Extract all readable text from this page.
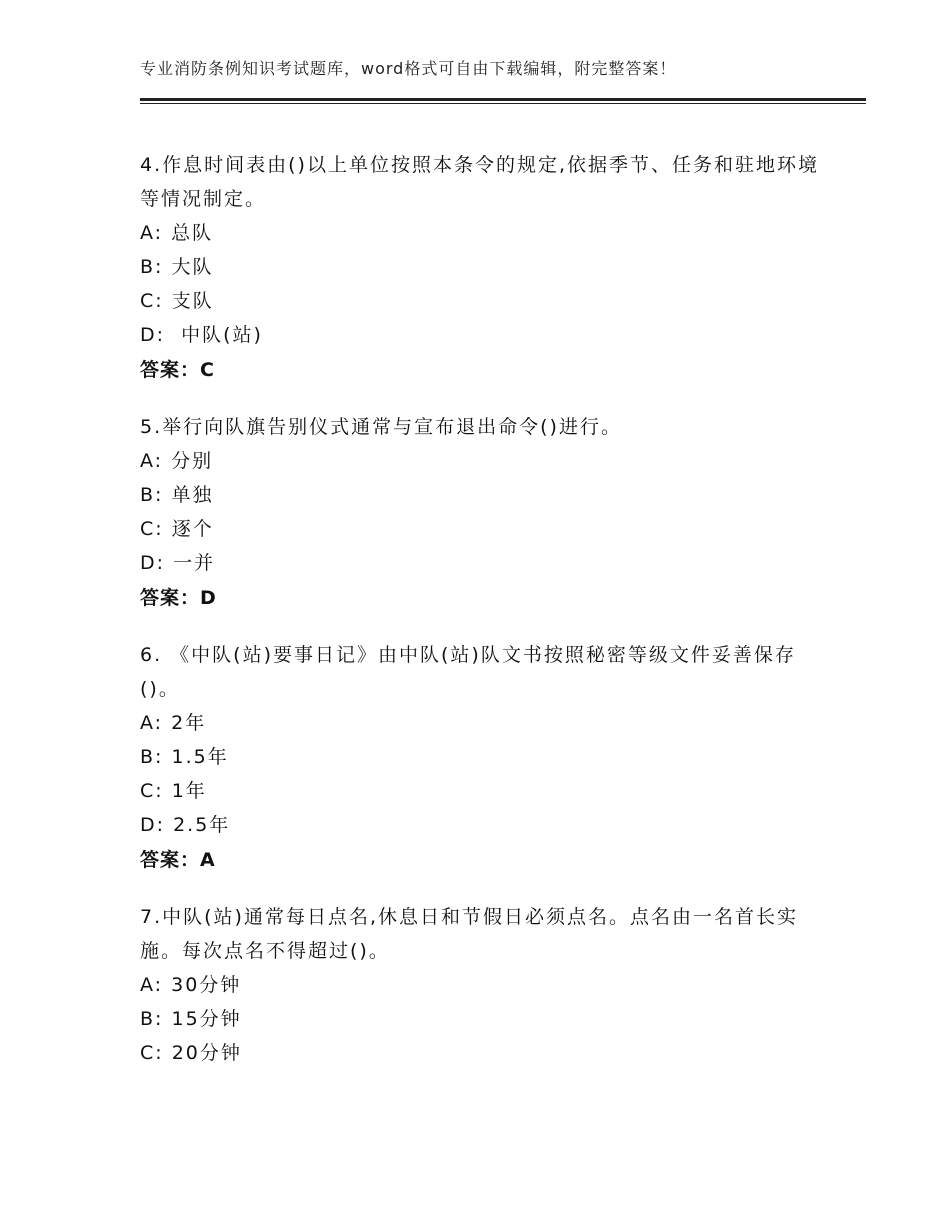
专业消防条例知识考试题库，word格式可自由下载编辑，附完整答案！

4.作息时间表由()以上单位按照本条令的规定,依据季节、任务和驻地环境等情况制定。

A: 总队

B: 大队

C: 支队

D:  中队(站)

答案：C

5.举行向队旗告别仪式通常与宣布退出命令()进行。

A: 分别

B: 单独

C: 逐个

D: 一并

答案：D

6. 《中队(站)要事日记》由中队(站)队文书按照秘密等级文件妥善保存()。

A: 2年

B: 1.5年

C: 1年

D: 2.5年

答案：A

7.中队(站)通常每日点名,休息日和节假日必须点名。点名由一名首长实施。每次点名不得超过()。

A: 30分钟

B: 15分钟

C: 20分钟
